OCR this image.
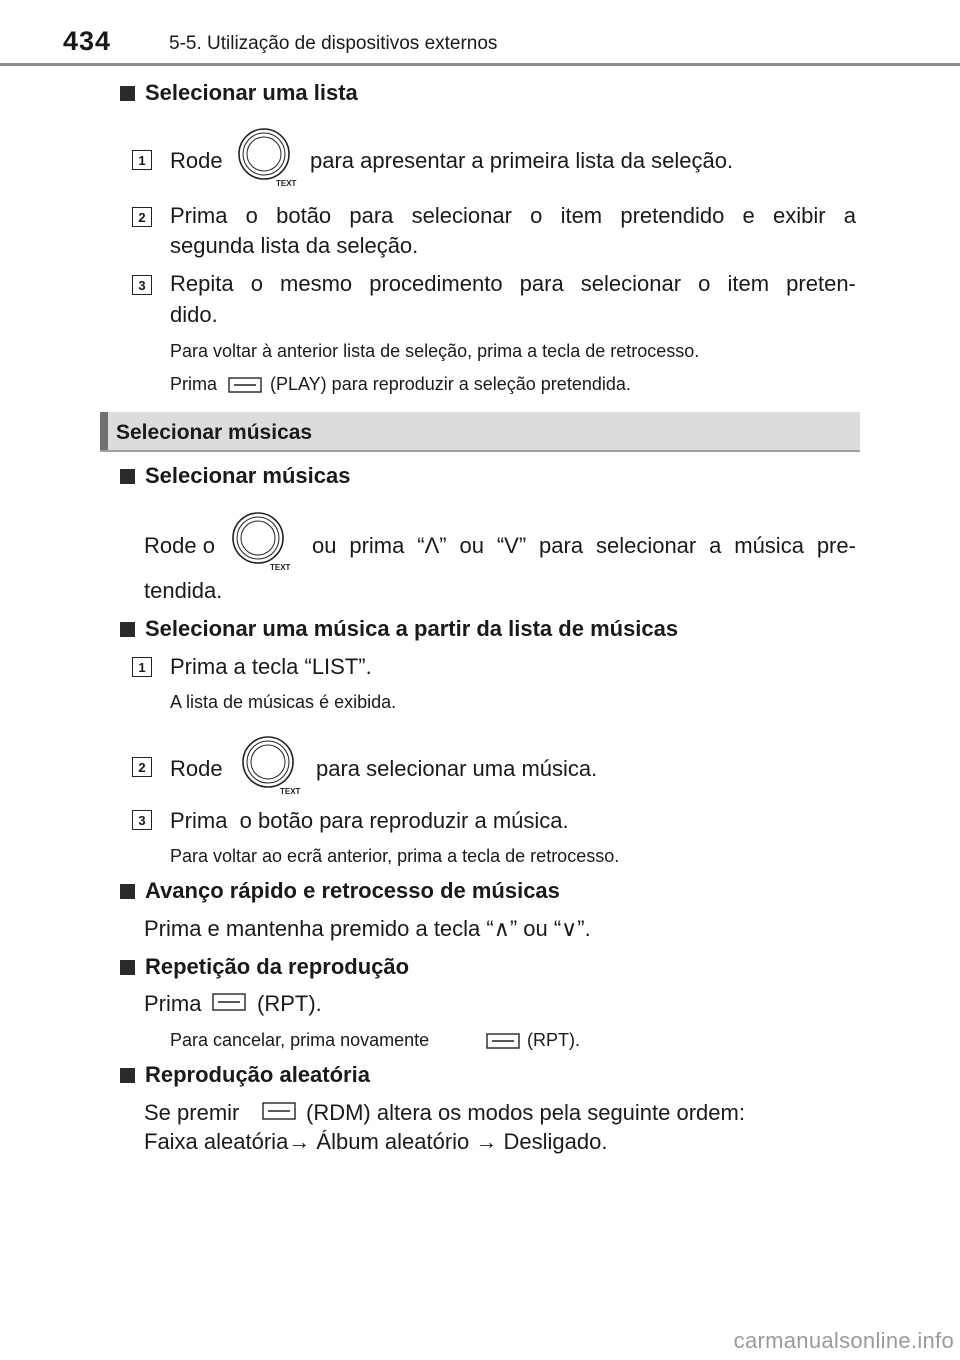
434	5-5. Utilização de dispositivos externos
Selecionar uma lista
1 Rode
TEXT
para apresentar a primeira lista da seleção.
2 Prima o botão para selecionar o item pretendido e exibir a
segunda lista da seleção.
3 Repita o mesmo procedimento para selecionar o item preten-
dido.
Para voltar à anterior lista de seleção, prima a tecla de retrocesso.
Prima	(PLAY) para reproduzir a seleção pretendida.
Selecionar músicas
Selecionar músicas
Rode o
TEXT
ou prima “Λ” ou “V” para selecionar a música pre-
tendida.
Selecionar uma música a partir da lista de músicas
1 Prima a tecla “LIST”.
A lista de músicas é exibida.
2 Rode
TEXT
para selecionar uma música.
3 Prima  o botão para reproduzir a música.
Para voltar ao ecrã anterior, prima a tecla de retrocesso.
Avanço rápido e retrocesso de músicas
Prima e mantenha premido a tecla “∧” ou “∨”.
Repetição da reprodução
Prima	(RPT).
Para cancelar, prima novamente	(RPT).
Reprodução aleatória
Se premir	(RDM) altera os modos pela seguinte ordem:
Faixa aleatória→ Álbum aleatório → Desligado.
carmanualsonline.info
